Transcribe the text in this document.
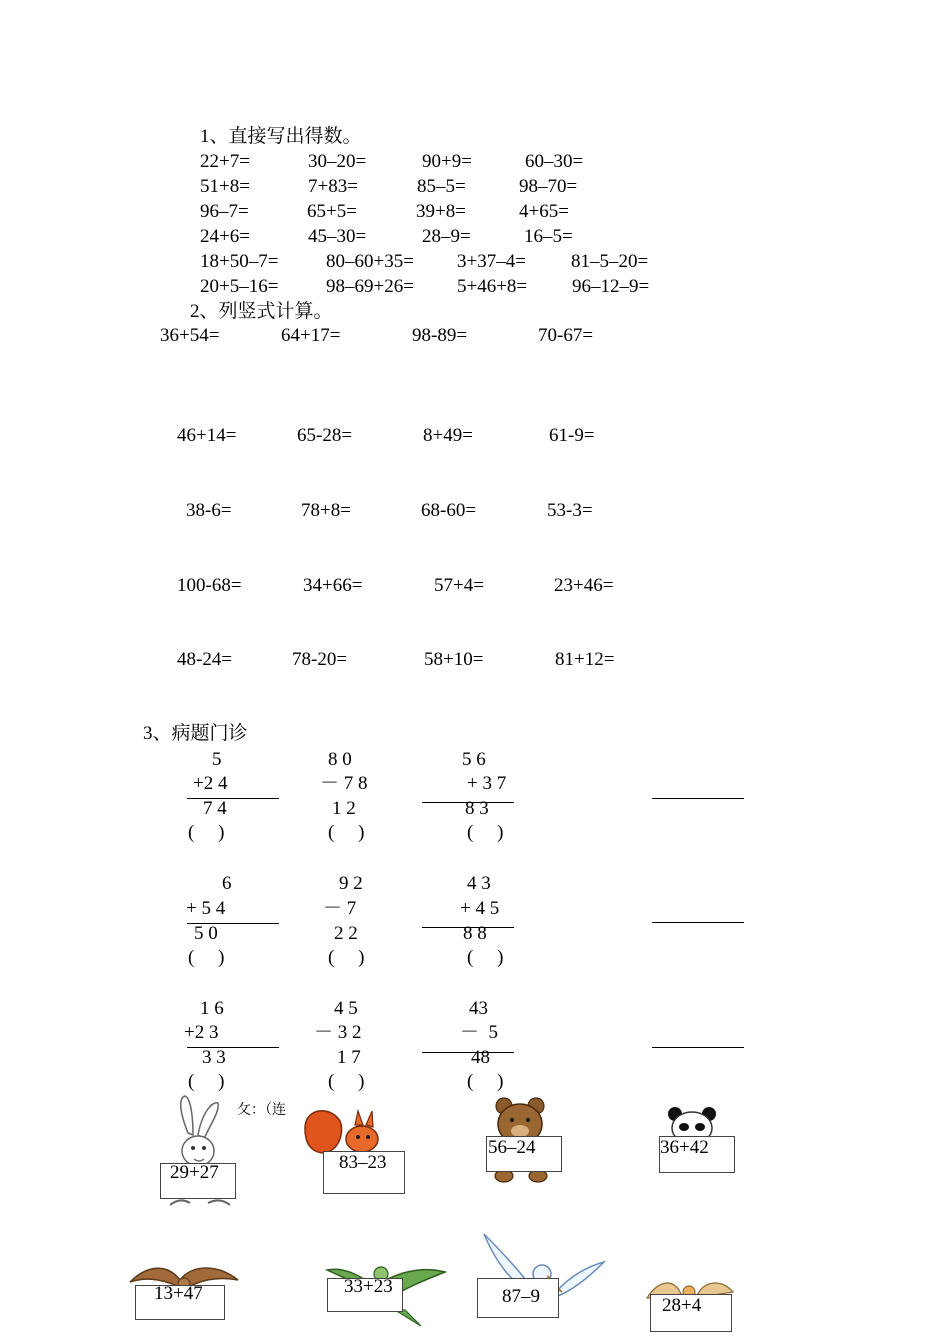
1、直接写出得数。
22+7=	30–20=	90+9=	60–30=
51+8=	7+83=	85–5=	98–70=
96–7=	65+5=	39+8=	4+65=
24+6=	45–30=	28–9=	16–5=
18+50–7=	80–60+35= 3+37–4= 81–5–20=
20+5–16=	98–69+26= 5+46+8= 96–12–9=
2、列竖式计算。
36+54=	64+17=	98-89=	70-67=
46+14=	65-28=	8+49=	61-9=
38-6=	78+8=	68-60=	53-3=
100-68=	34+66=	57+4=	23+46=
48-24=	78-20=	58+10=	81+12=
3、病题门诊
5
+2 4
7 4
(　 )
8 0
－ 7 8
1 2
(　 )
5 6
+ 3 7
8 3
(　 )
6
+ 5 4
5 0
(　 )
9 2
－ 7
2 2
(　 )
4 3
+ 4 5
8 8
(　 )
1 6
+2 3
3 3
(　 )
4 5
－ 3 2
1 7
(　 )
43
－  5
48
(　 )
攵：（连
29+27	83–23
56–24	36+42
13+47	33+23	87–9	28+4
